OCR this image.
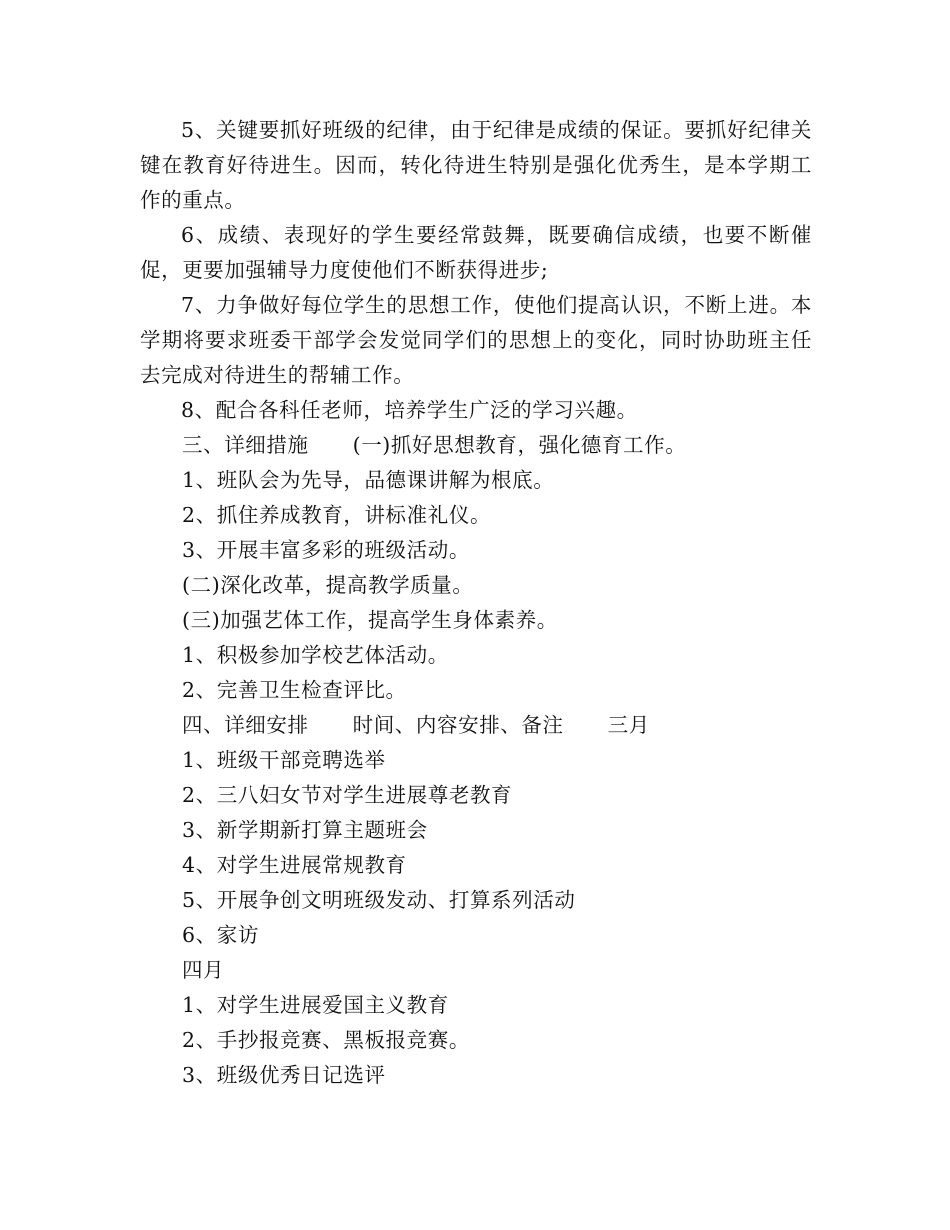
5、关键要抓好班级的纪律，由于纪律是成绩的保证。要抓好纪律关键在教育好待进生。因而，转化待进生特别是强化优秀生，是本学期工作的重点。

6、成绩、表现好的学生要经常鼓舞，既要确信成绩，也要不断催促，更要加强辅导力度使他们不断获得进步;

7、力争做好每位学生的思想工作，使他们提高认识，不断上进。本学期将要求班委干部学会发觉同学们的思想上的变化，同时协助班主任去完成对待进生的帮辅工作。

8、配合各科任老师，培养学生广泛的学习兴趣。

三、详细措施 (一)抓好思想教育，强化德育工作。

1、班队会为先导，品德课讲解为根底。

2、抓住养成教育，讲标准礼仪。

3、开展丰富多彩的班级活动。

(二)深化改革，提高教学质量。

(三)加强艺体工作，提高学生身体素养。

1、积极参加学校艺体活动。

2、完善卫生检查评比。

四、详细安排 时间、内容安排、备注 三月

1、班级干部竞聘选举

2、三八妇女节对学生进展尊老教育

3、新学期新打算主题班会

4、对学生进展常规教育

5、开展争创文明班级发动、打算系列活动

6、家访

四月

1、对学生进展爱国主义教育

2、手抄报竞赛、黑板报竞赛。

3、班级优秀日记选评
